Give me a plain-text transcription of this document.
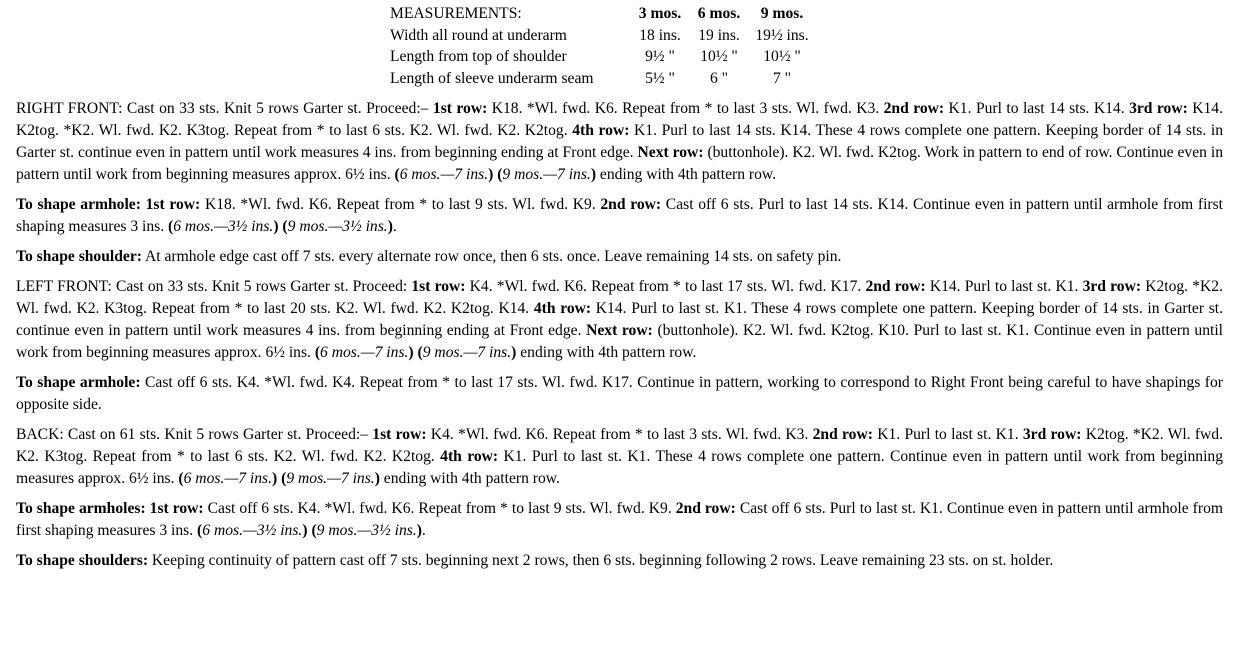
MEASUREMENTS:	3 mos.	6 mos.	9 mos.
Width all round at underarm	18 ins.	19 ins.	19½ ins.
Length from top of shoulder	9½ "	10½ "	10½ "
Length of sleeve underarm seam	5½ "	6 "	7 "

RIGHT FRONT: Cast on 33 sts. Knit 5 rows Garter st. Proceed:– 1st row: K18. *Wl. fwd. K6. Repeat from * to last 3 sts. Wl. fwd. K3. 2nd row: K1. Purl to last 14 sts. K14. 3rd row: K14. K2tog. *K2. Wl. fwd. K2. K3tog. Repeat from * to last 6 sts. K2. Wl. fwd. K2. K2tog. 4th row: K1. Purl to last 14 sts. K14. These 4 rows complete one pattern. Keeping border of 14 sts. in Garter st. continue even in pattern until work measures 4 ins. from beginning ending at Front edge. Next row: (buttonhole). K2. Wl. fwd. K2tog. Work in pattern to end of row. Continue even in pattern until work from beginning measures approx. 6½ ins. (6 mos.—7 ins.) (9 mos.—7 ins.) ending with 4th pattern row.

To shape armhole: 1st row: K18. *Wl. fwd. K6. Repeat from * to last 9 sts. Wl. fwd. K9. 2nd row: Cast off 6 sts. Purl to last 14 sts. K14. Continue even in pattern until armhole from first shaping measures 3 ins. (6 mos.—3½ ins.) (9 mos.—3½ ins.).

To shape shoulder: At armhole edge cast off 7 sts. every alternate row once, then 6 sts. once. Leave remaining 14 sts. on safety pin.

LEFT FRONT: Cast on 33 sts. Knit 5 rows Garter st. Proceed: 1st row: K4. *Wl. fwd. K6. Repeat from * to last 17 sts. Wl. fwd. K17. 2nd row: K14. Purl to last st. K1. 3rd row: K2tog. *K2. Wl. fwd. K2. K3tog. Repeat from * to last 20 sts. K2. Wl. fwd. K2. K2tog. K14. 4th row: K14. Purl to last st. K1. These 4 rows complete one pattern. Keeping border of 14 sts. in Garter st. continue even in pattern until work measures 4 ins. from beginning ending at Front edge. Next row: (buttonhole). K2. Wl. fwd. K2tog. K10. Purl to last st. K1. Continue even in pattern until work from beginning measures approx. 6½ ins. (6 mos.—7 ins.) (9 mos.—7 ins.) ending with 4th pattern row.

To shape armhole: Cast off 6 sts. K4. *Wl. fwd. K4. Repeat from * to last 17 sts. Wl. fwd. K17. Continue in pattern, working to correspond to Right Front being careful to have shapings for opposite side.

BACK: Cast on 61 sts. Knit 5 rows Garter st. Proceed:– 1st row: K4. *Wl. fwd. K6. Repeat from * to last 3 sts. Wl. fwd. K3. 2nd row: K1. Purl to last st. K1. 3rd row: K2tog. *K2. Wl. fwd. K2. K3tog. Repeat from * to last 6 sts. K2. Wl. fwd. K2. K2tog. 4th row: K1. Purl to last st. K1. These 4 rows complete one pattern. Continue even in pattern until work from beginning measures approx. 6½ ins. (6 mos.—7 ins.) (9 mos.—7 ins.) ending with 4th pattern row.

To shape armholes: 1st row: Cast off 6 sts. K4. *Wl. fwd. K6. Repeat from * to last 9 sts. Wl. fwd. K9. 2nd row: Cast off 6 sts. Purl to last st. K1. Continue even in pattern until armhole from first shaping measures 3 ins. (6 mos.—3½ ins.) (9 mos.—3½ ins.).

To shape shoulders: Keeping continuity of pattern cast off 7 sts. beginning next 2 rows, then 6 sts. beginning following 2 rows. Leave remaining 23 sts. on st. holder.
